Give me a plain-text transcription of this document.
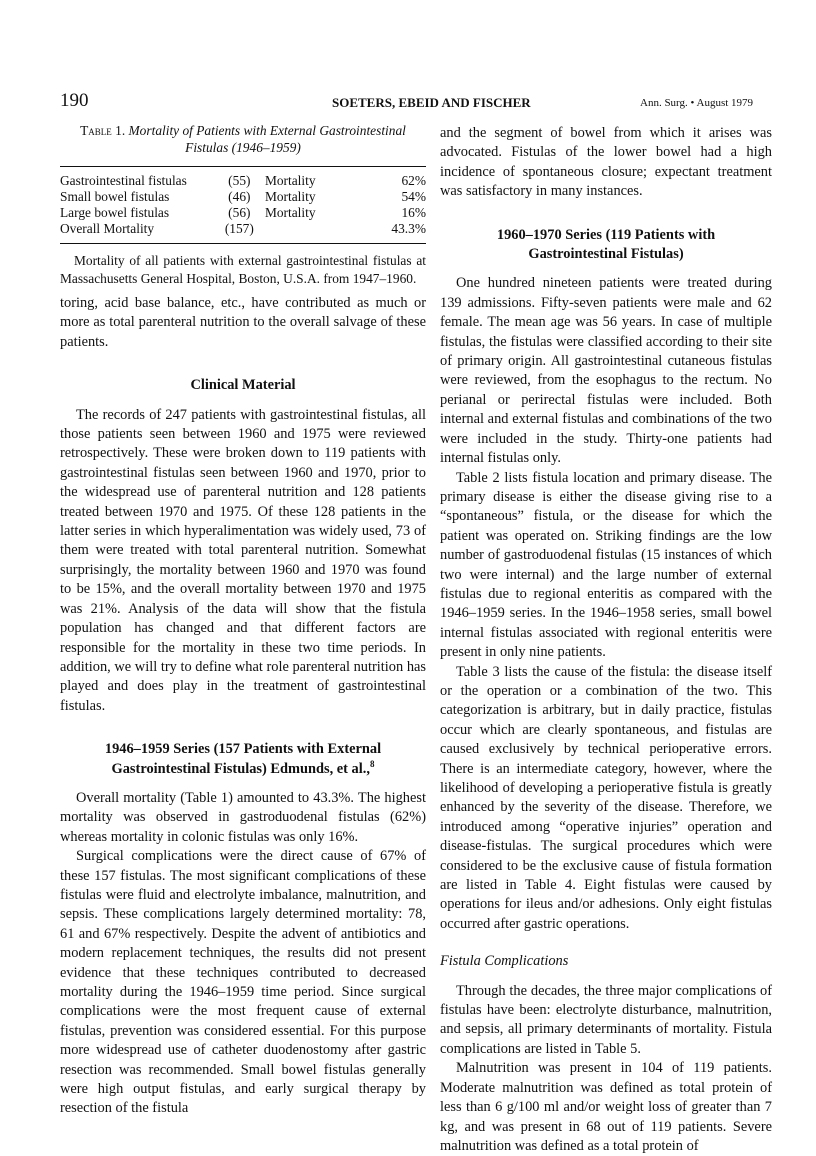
190	SOETERS, EBEID AND FISCHER	Ann. Surg. • August 1979
Table 1. Mortality of Patients with External Gastrointestinal Fistulas (1946–1959)
Gastrointestinal fistulas	(55)	Mortality	62%
Small bowel fistulas	(46)	Mortality	54%
Large bowel fistulas	(56)	Mortality	16%
Overall Mortality	(157)		43.3%
Mortality of all patients with external gastrointestinal fistulas at Massachusetts General Hospital, Boston, U.S.A. from 1947–1960.

toring, acid base balance, etc., have contributed as much or more as total parenteral nutrition to the overall salvage of these patients.

Clinical Material

The records of 247 patients with gastrointestinal fistulas, all those patients seen between 1960 and 1975 were reviewed retrospectively. These were broken down to 119 patients with gastrointestinal fistulas seen between 1960 and 1970, prior to the widespread use of parenteral nutrition and 128 patients treated between 1970 and 1975. Of these 128 patients in the latter series in which hyperalimentation was widely used, 73 of them were treated with total parenteral nutrition. Somewhat surprisingly, the mortality between 1960 and 1970 was found to be 15%, and the overall mortality between 1970 and 1975 was 21%. Analysis of the data will show that the fistula population has changed and that different factors are responsible for the mortality in these two time periods. In addition, we will try to define what role parenteral nutrition has played and does play in the treatment of gastrointestinal fistulas.

1946–1959 Series (157 Patients with External Gastrointestinal Fistulas) Edmunds, et al.,$^8$

Overall mortality (Table 1) amounted to 43.3%. The highest mortality was observed in gastroduodenal fistulas (62%) whereas mortality in colonic fistulas was only 16%.

Surgical complications were the direct cause of 67% of these 157 fistulas. The most significant complications of these fistulas were fluid and electrolyte imbalance, malnutrition, and sepsis. These complications largely determined mortality: 78, 61 and 67% respectively. Despite the advent of antibiotics and modern replacement techniques, the results did not present evidence that these techniques contributed to decreased mortality during the 1946–1959 time period. Since surgical complications were the most frequent cause of external fistulas, prevention was considered essential. For this purpose more widespread use of catheter duodenostomy after gastric resection was recommended. Small bowel fistulas generally were high output fistulas, and early surgical therapy by resection of the fistula

and the segment of bowel from which it arises was advocated. Fistulas of the lower bowel had a high incidence of spontaneous closure; expectant treatment was satisfactory in many instances.

1960–1970 Series (119 Patients with Gastrointestinal Fistulas)

One hundred nineteen patients were treated during 139 admissions. Fifty-seven patients were male and 62 female. The mean age was 56 years. In case of multiple fistulas, the fistulas were classified according to their site of primary origin. All gastrointestinal cutaneous fistulas were reviewed, from the esophagus to the rectum. No perianal or perirectal fistulas were included. Both internal and external fistulas and combinations of the two were included in the study. Thirty-one patients had internal fistulas only.

Table 2 lists fistula location and primary disease. The primary disease is either the disease giving rise to a “spontaneous” fistula, or the disease for which the patient was operated on. Striking findings are the low number of gastroduodenal fistulas (15 instances of which two were internal) and the large number of external fistulas due to regional enteritis as compared with the 1946–1959 series. In the 1946–1958 series, small bowel internal fistulas associated with regional enteritis were present in only nine patients.

Table 3 lists the cause of the fistula: the disease itself or the operation or a combination of the two. This categorization is arbitrary, but in daily practice, fistulas occur which are clearly spontaneous, and fistulas are caused exclusively by technical perioperative errors. There is an intermediate category, however, where the likelihood of developing a perioperative fistula is greatly enhanced by the severity of the disease. Therefore, we introduced among “operative injuries” operation and disease-fistulas. The surgical procedures which were considered to be the exclusive cause of fistula formation are listed in Table 4. Eight fistulas were caused by operations for ileus and/or adhesions. Only eight fistulas occurred after gastric operations.

Fistula Complications

Through the decades, the three major complications of fistulas have been: electrolyte disturbance, malnutrition, and sepsis, all primary determinants of mortality. Fistula complications are listed in Table 5.

Malnutrition was present in 104 of 119 patients. Moderate malnutrition was defined as total protein of less than 6 g/100 ml and/or weight loss of greater than 7 kg, and was present in 68 out of 119 patients. Severe malnutrition was defined as a total protein of
